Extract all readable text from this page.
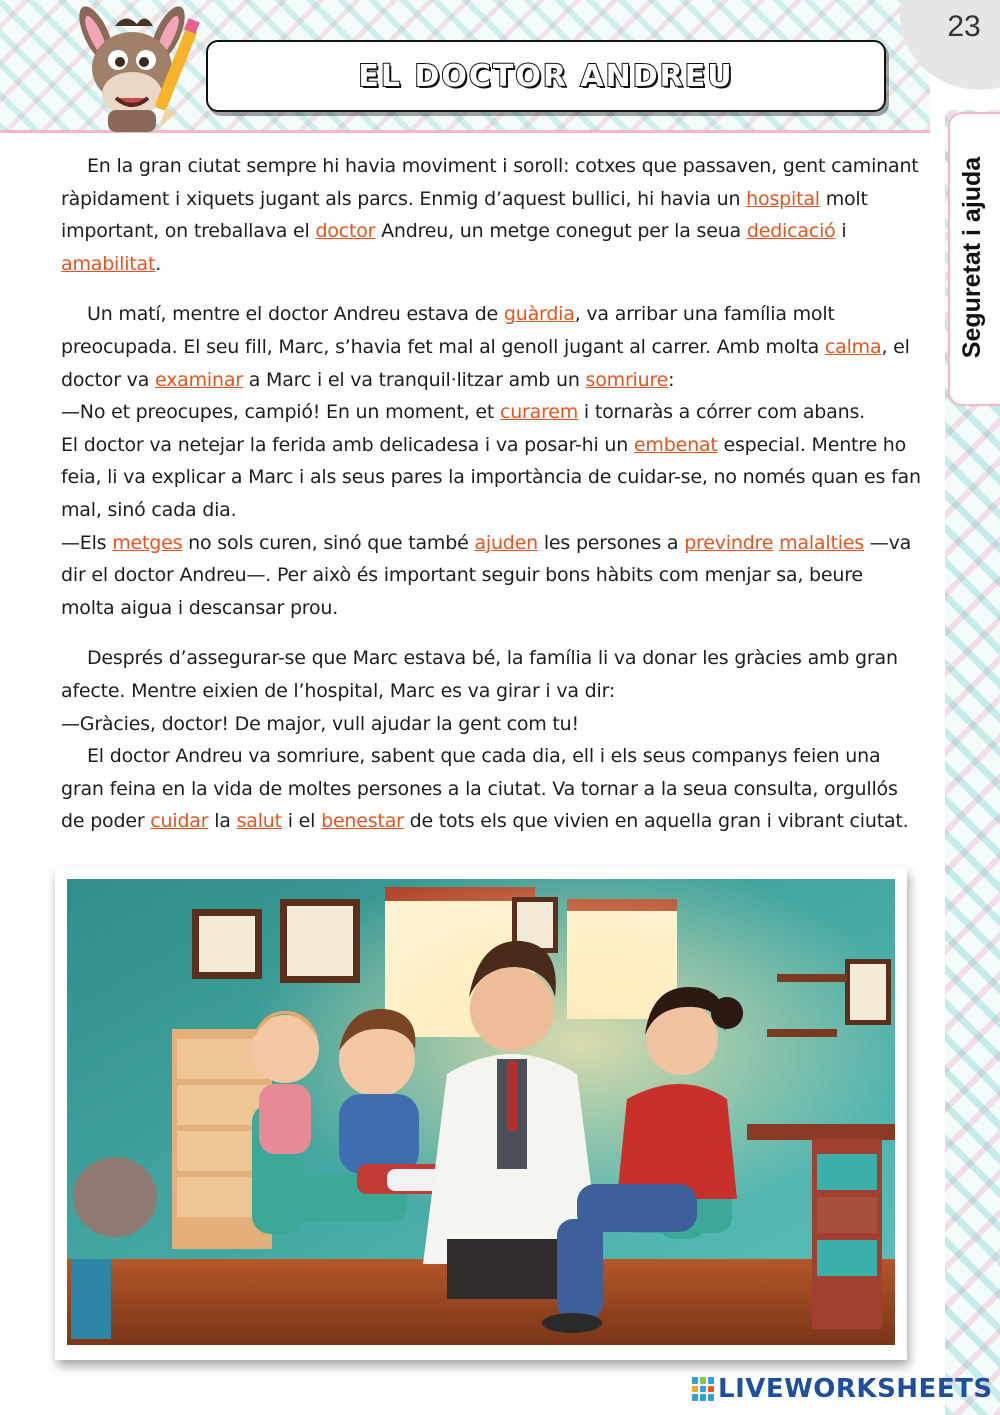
23
Seguretat i ajuda
EL DOCTOR ANDREU

En la gran ciutat sempre hi havia moviment i soroll: cotxes que passaven, gent caminant ràpidament i xiquets jugant als parcs. Enmig d’aquest bullici, hi havia un hospital molt important, on treballava el doctor Andreu, un metge conegut per la seua dedicació i amabilitat.

Un matí, mentre el doctor Andreu estava de guàrdia, va arribar una família molt preocupada. El seu fill, Marc, s’havia fet mal al genoll jugant al carrer. Amb molta calma, el doctor va examinar a Marc i el va tranquil·litzar amb un somriure:

—No et preocupes, campió! En un moment, et curarem i tornaràs a córrer com abans.

El doctor va netejar la ferida amb delicadesa i va posar-hi un embenat especial. Mentre ho feia, li va explicar a Marc i als seus pares la importància de cuidar-se, no només quan es fan mal, sinó cada dia.

—Els metges no sols curen, sinó que també ajuden les persones a previndre malalties —va dir el doctor Andreu—. Per això és important seguir bons hàbits com menjar sa, beure molta aigua i descansar prou.

Després d’assegurar-se que Marc estava bé, la família li va donar les gràcies amb gran afecte. Mentre eixien de l’hospital, Marc es va girar i va dir:

—Gràcies, doctor! De major, vull ajudar la gent com tu!

El doctor Andreu va somriure, sabent que cada dia, ell i els seus companys feien una gran feina en la vida de moltes persones a la ciutat. Va tornar a la seua consulta, orgullós de poder cuidar la salut i el benestar de tots els que vivien en aquella gran i vibrant ciutat.

LIVEWORKSHEETS
